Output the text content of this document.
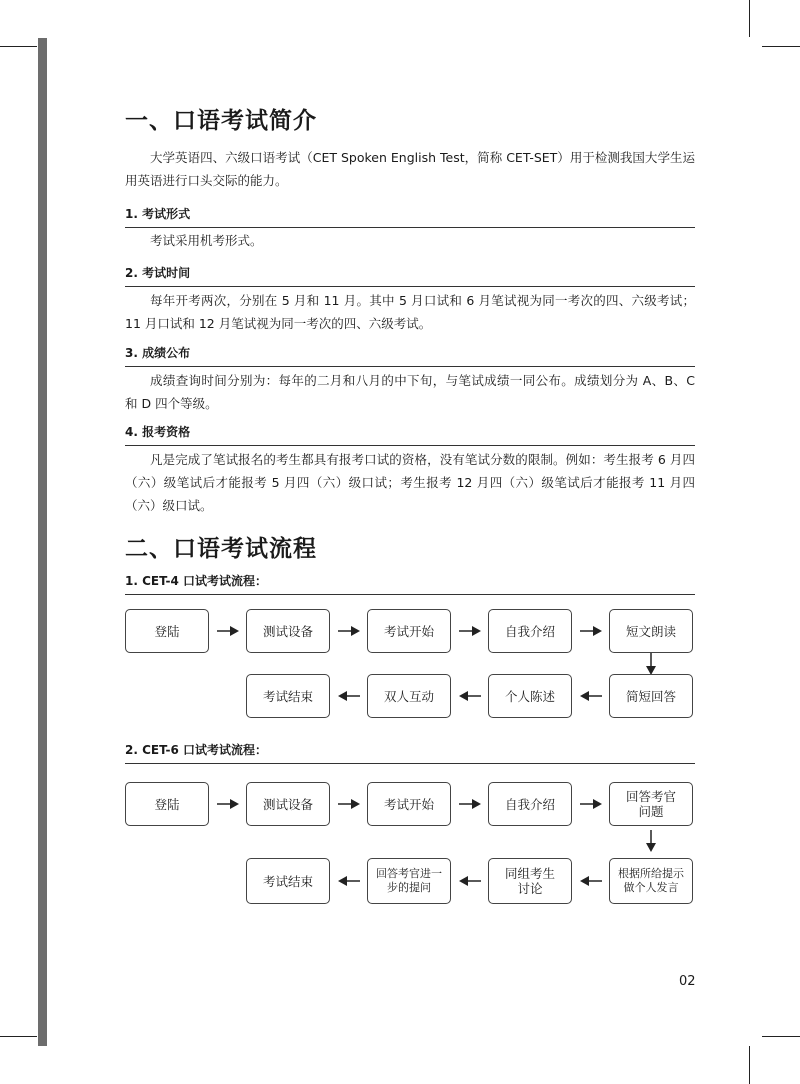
一、口语考试简介
大学英语四、六级口语考试（CET Spoken English Test，简称 CET-SET）用于检测我国大学生运用英语进行口头交际的能力。
1. 考试形式
考试采用机考形式。
2. 考试时间
每年开考两次，分别在 5 月和 11 月。其中 5 月口试和 6 月笔试视为同一考次的四、六级考试；11 月口试和 12 月笔试视为同一考次的四、六级考试。
3. 成绩公布
成绩查询时间分别为：每年的二月和八月的中下旬，与笔试成绩一同公布。成绩划分为 A、B、C 和 D 四个等级。
4. 报考资格
凡是完成了笔试报名的考生都具有报考口试的资格，没有笔试分数的限制。例如：考生报考 6 月四（六）级笔试后才能报考 5 月四（六）级口试；考生报考 12 月四（六）级笔试后才能报考 11 月四（六）级口试。
二、口语考试流程
1. CET-4 口试考试流程：
登陆	测试设备	考试开始	自我介绍	短文朗读
考试结束	双人互动	个人陈述	简短回答
2. CET-6 口试考试流程：
登陆	测试设备	考试开始	自我介绍	回答考官
问题
考试结束	回答考官进一
步的提问
同组考生
讨论
根据所给提示
做个人发言
02
